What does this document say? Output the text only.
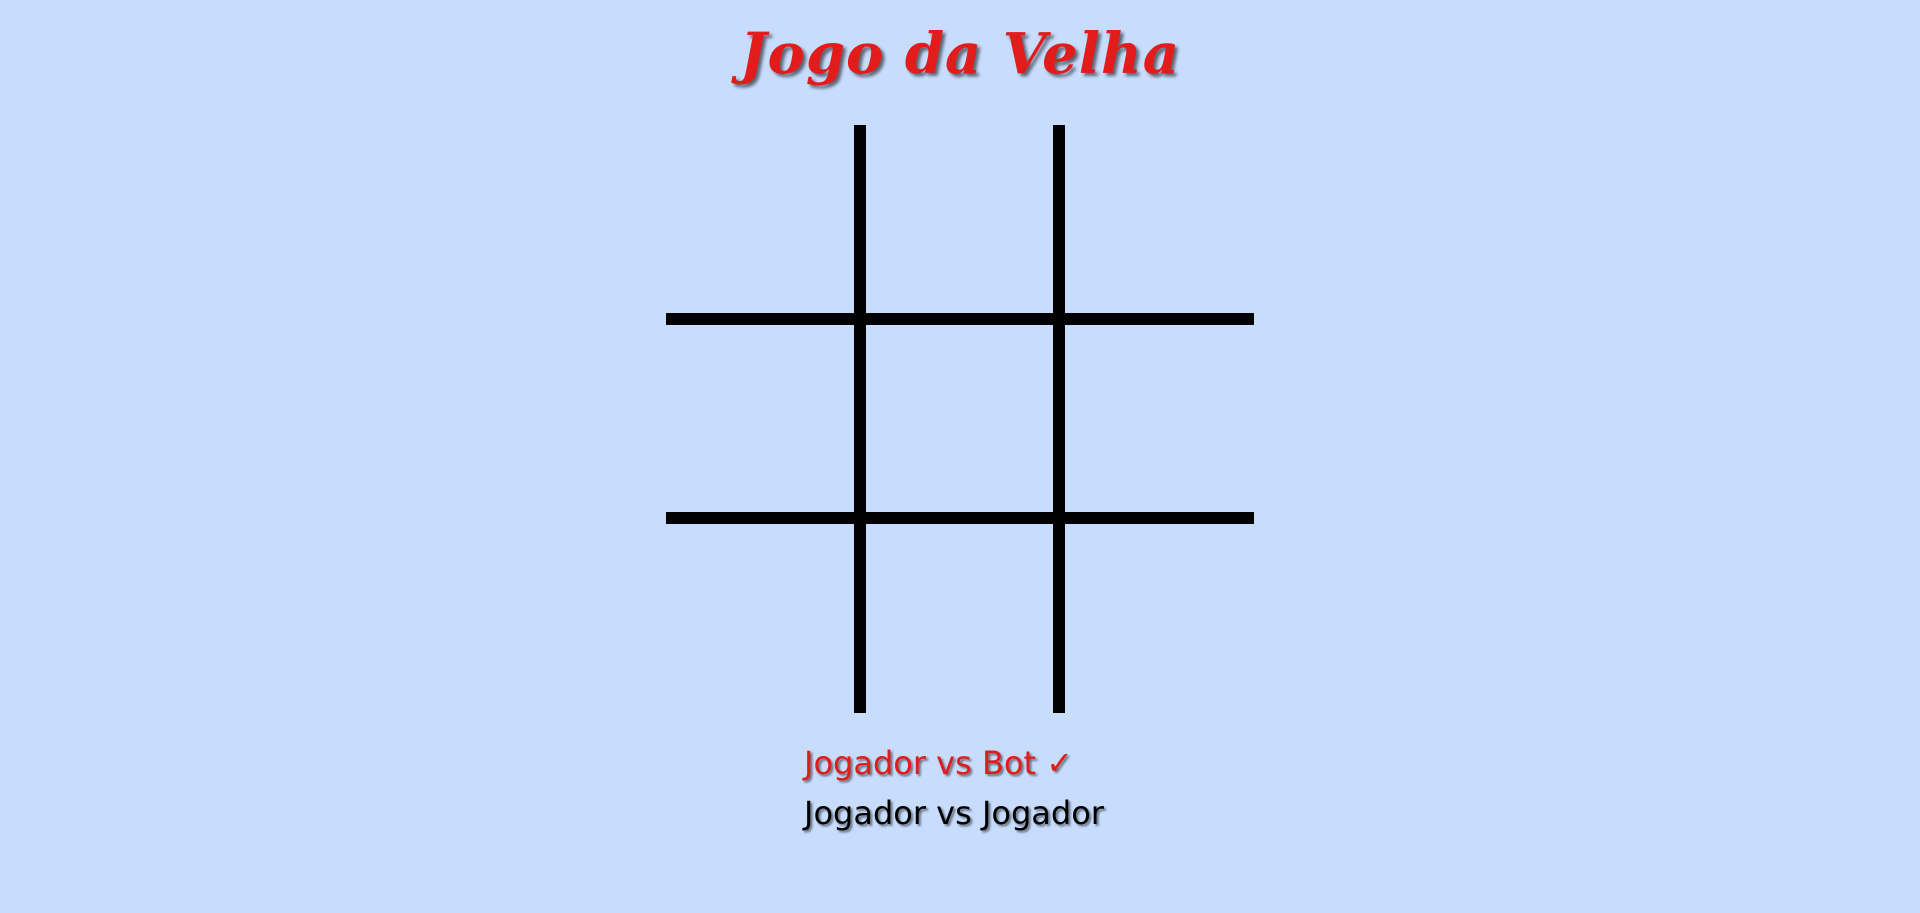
Jogo da Velha
Jogador vs Bot ✓
Jogador vs Jogador
